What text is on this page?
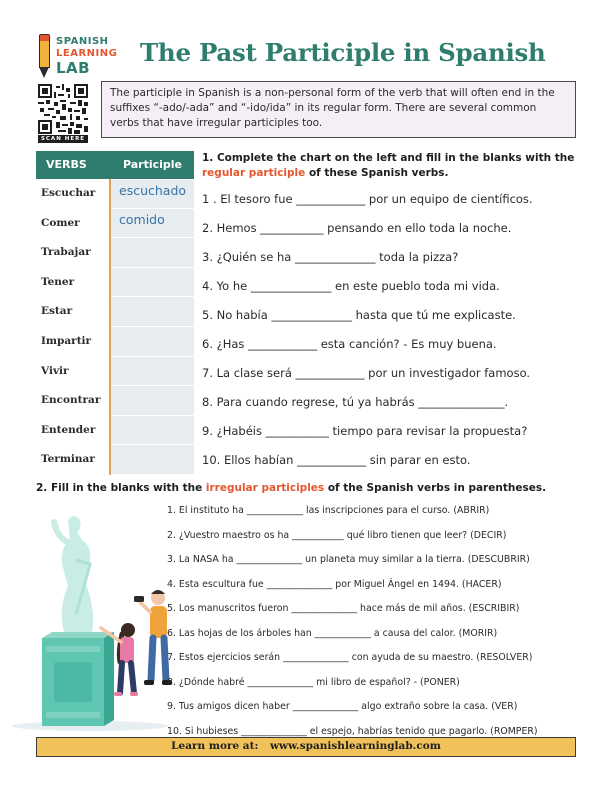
SPANISH
LEARNING
LAB
The Past Participle in Spanish
SCAN HERE
The participle in Spanish is a non-personal form of the verb that will often end in the suffixes “-ado/-ada” and “-ido/ida” in its regular form. There are several common verbs that have irregular participles too.
VERBS	Participle
Escuchar	escuchado
Comer	comido
Trabajar
Tener
Estar
Impartir
Vivir
Encontrar
Entender
Terminar
1. Complete the chart on the left and fill in the blanks with the regular participle of these Spanish verbs.
1 . El tesoro fue ____________ por un equipo de científicos.
2. Hemos ___________ pensando en ello toda la noche.
3. ¿Quién se ha ______________ toda la pizza?
4. Yo he ______________ en este pueblo toda mi vida.
5. No había ______________ hasta que tú me explicaste.
6. ¿Has ____________ esta canción? - Es muy buena.
7. La clase será ____________ por un investigador famoso.
8. Para cuando regrese, tú ya habrás _______________.
9. ¿Habéis ___________ tiempo para revisar la propuesta?
10. Ellos habían ____________ sin parar en esto.
2. Fill in the blanks with the irregular participles of the Spanish verbs in parentheses.
1. El instituto ha ____________ las inscripciones para el curso. (ABRIR)
2. ¿Vuestro maestro os ha ___________ qué libro tienen que leer? (DECIR)
3. La NASA ha ______________ un planeta muy similar a la tierra. (DESCUBRIR)
4. Esta escultura fue ______________ por Miguel Ángel en 1494. (HACER)
5. Los manuscritos fueron ______________ hace más de mil años. (ESCRIBIR)
6. Las hojas de los árboles han ____________ a causa del calor. (MORIR)
7. Estos ejercicios serán ______________ con ayuda de su maestro. (RESOLVER)
8. ¿Dónde habré ______________ mi libro de español? - (PONER)
9. Tus amigos dicen haber ______________ algo extraño sobre la casa. (VER)
10. Si hubieses ______________ el espejo, habrías tenido que pagarlo. (ROMPER)
Learn more at: www.spanishlearninglab.com
